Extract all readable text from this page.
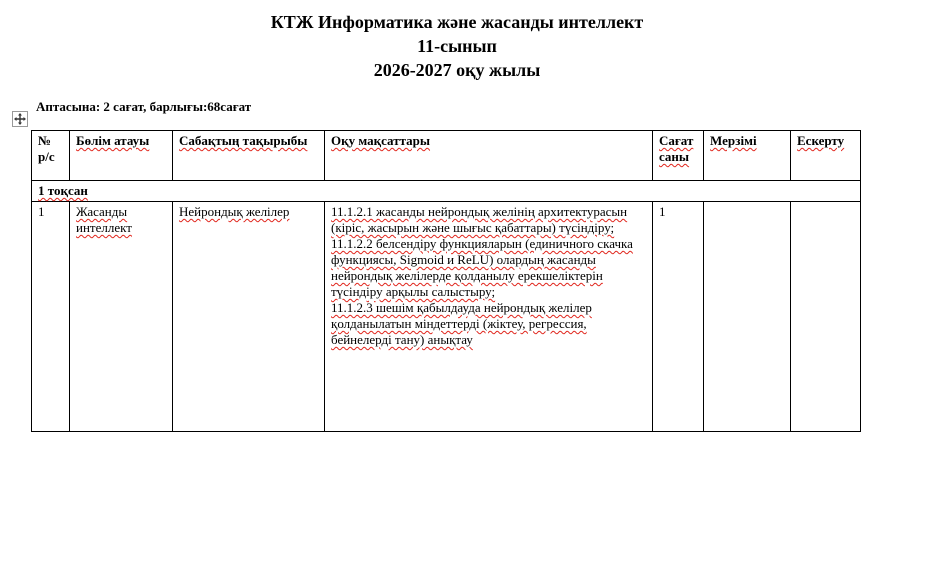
КТЖ Информатика және жасанды интеллект
11-сынып
2026-2027 оқу жылы
Аптасына: 2 сағат, барлығы:68сағат
№ р/с	Бөлім атауы	Сабақтың тақырыбы	Оқу мақсаттары	Сағат саны	Мерзімі	Ескерту
1 тоқсан						
1	Жасанды интеллект	Нейрондық желілер	11.1.2.1 жасанды нейрондық желінің архитектурасын (кіріс, жасырын және шығыс қабаттары) түсіндіру;
11.1.2.2 белсендіру функцияларын (единичного скачка функциясы, Sigmoid и ReLU) олардың жасанды нейрондық желілерде қолданылу ерекшеліктерін түсіндіру арқылы салыстыру;
11.1.2.3 шешім қабылдауда нейрондық желілер қолданылатын міндеттерді (жіктеу, регрессия, бейнелерді тану) анықтау	1		
